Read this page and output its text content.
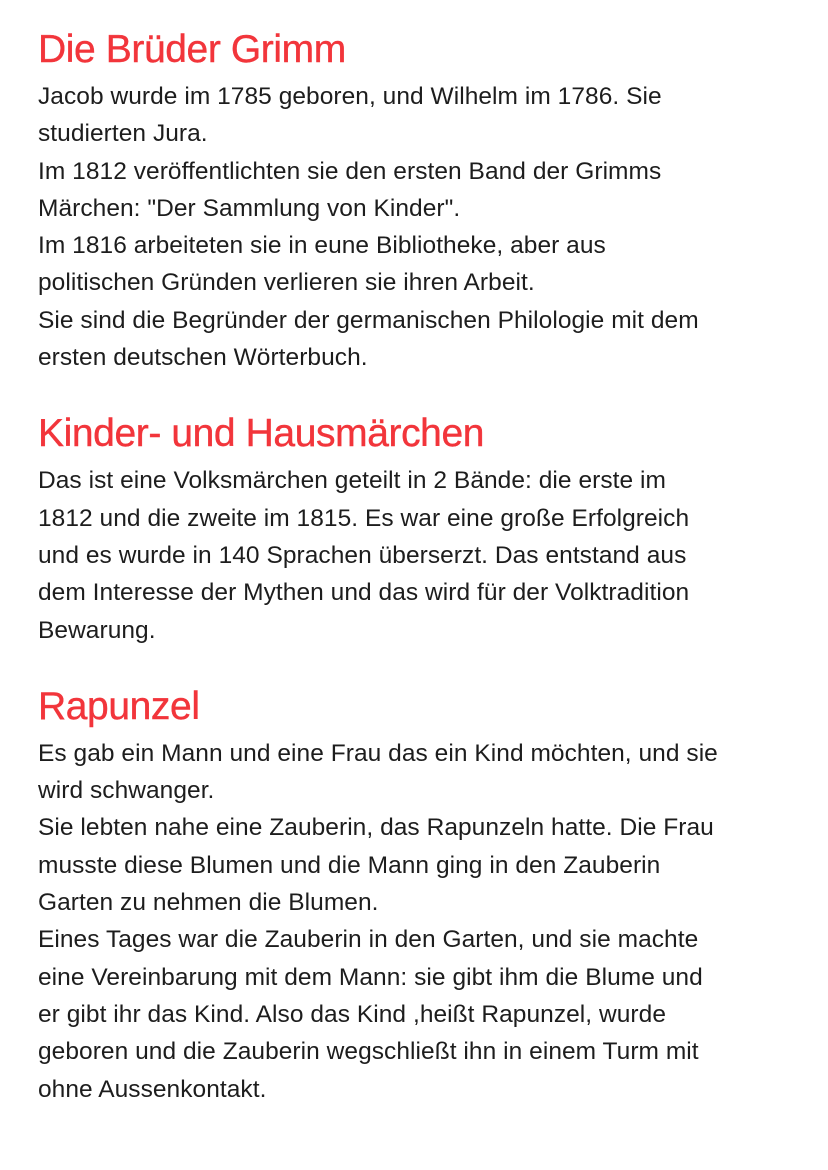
Die Brüder Grimm
Jacob wurde im 1785 geboren, und Wilhelm im 1786. Sie
studierten Jura.
Im 1812 veröffentlichten sie den ersten Band der Grimms
Märchen: "Der Sammlung von Kinder".
Im 1816 arbeiteten sie in eune Bibliotheke, aber aus
politischen Gründen verlieren sie ihren Arbeit.
Sie sind die Begründer der germanischen Philologie mit dem
ersten deutschen Wörterbuch.
Kinder- und Hausmärchen
Das ist eine Volksmärchen geteilt in 2 Bände: die erste im
1812 und die zweite im 1815. Es war eine große Erfolgreich
und es wurde in 140 Sprachen überserzt. Das entstand aus
dem Interesse der Mythen und das wird für der Volktradition
Bewarung.
Rapunzel
Es gab ein Mann und eine Frau das ein Kind möchten, und sie
wird schwanger.
Sie lebten nahe eine Zauberin, das Rapunzeln hatte. Die Frau
musste diese Blumen und die Mann ging in den Zauberin
Garten zu nehmen die Blumen.
Eines Tages war die Zauberin in den Garten, und sie machte
eine Vereinbarung mit dem Mann: sie gibt ihm die Blume und
er gibt ihr das Kind. Also das Kind ,heißt Rapunzel, wurde
geboren und die Zauberin wegschließt ihn in einem Turm mit
ohne Aussenkontakt.
